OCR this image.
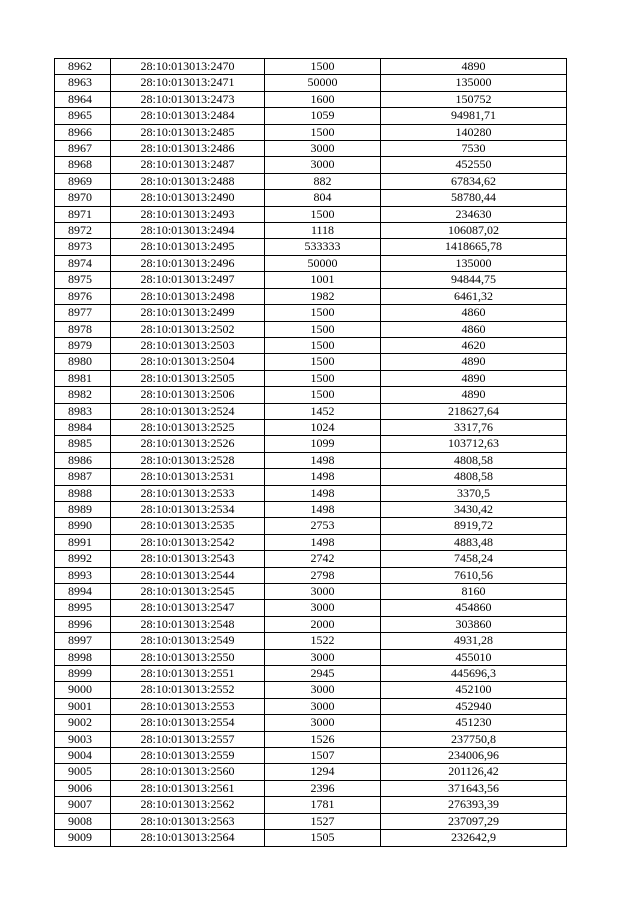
8962	28:10:013013:2470	1500	4890
8963	28:10:013013:2471	50000	135000
8964	28:10:013013:2473	1600	150752
8965	28:10:013013:2484	1059	94981,71
8966	28:10:013013:2485	1500	140280
8967	28:10:013013:2486	3000	7530
8968	28:10:013013:2487	3000	452550
8969	28:10:013013:2488	882	67834,62
8970	28:10:013013:2490	804	58780,44
8971	28:10:013013:2493	1500	234630
8972	28:10:013013:2494	1118	106087,02
8973	28:10:013013:2495	533333	1418665,78
8974	28:10:013013:2496	50000	135000
8975	28:10:013013:2497	1001	94844,75
8976	28:10:013013:2498	1982	6461,32
8977	28:10:013013:2499	1500	4860
8978	28:10:013013:2502	1500	4860
8979	28:10:013013:2503	1500	4620
8980	28:10:013013:2504	1500	4890
8981	28:10:013013:2505	1500	4890
8982	28:10:013013:2506	1500	4890
8983	28:10:013013:2524	1452	218627,64
8984	28:10:013013:2525	1024	3317,76
8985	28:10:013013:2526	1099	103712,63
8986	28:10:013013:2528	1498	4808,58
8987	28:10:013013:2531	1498	4808,58
8988	28:10:013013:2533	1498	3370,5
8989	28:10:013013:2534	1498	3430,42
8990	28:10:013013:2535	2753	8919,72
8991	28:10:013013:2542	1498	4883,48
8992	28:10:013013:2543	2742	7458,24
8993	28:10:013013:2544	2798	7610,56
8994	28:10:013013:2545	3000	8160
8995	28:10:013013:2547	3000	454860
8996	28:10:013013:2548	2000	303860
8997	28:10:013013:2549	1522	4931,28
8998	28:10:013013:2550	3000	455010
8999	28:10:013013:2551	2945	445696,3
9000	28:10:013013:2552	3000	452100
9001	28:10:013013:2553	3000	452940
9002	28:10:013013:2554	3000	451230
9003	28:10:013013:2557	1526	237750,8
9004	28:10:013013:2559	1507	234006,96
9005	28:10:013013:2560	1294	201126,42
9006	28:10:013013:2561	2396	371643,56
9007	28:10:013013:2562	1781	276393,39
9008	28:10:013013:2563	1527	237097,29
9009	28:10:013013:2564	1505	232642,9
